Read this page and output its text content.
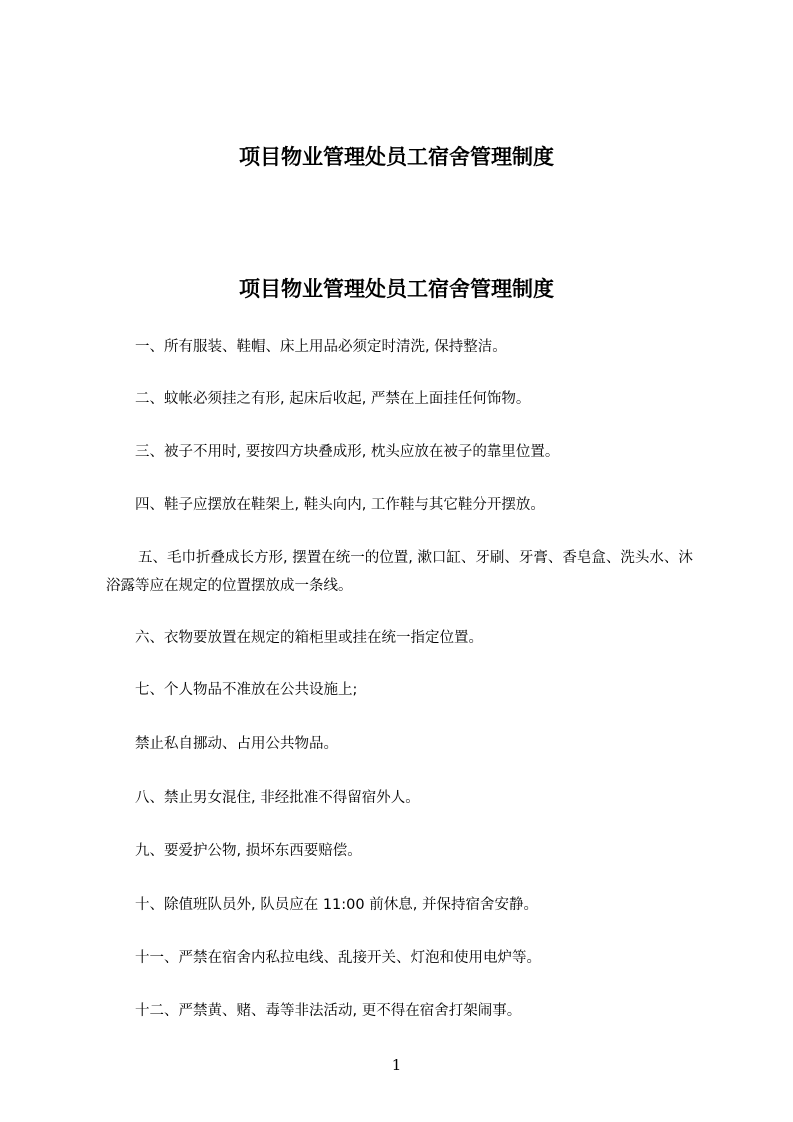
项目物业管理处员工宿舍管理制度
项目物业管理处员工宿舍管理制度

一、所有服装、鞋帽、床上用品必须定时清洗, 保持整洁。

二、蚊帐必须挂之有形, 起床后收起, 严禁在上面挂任何饰物。

三、被子不用时, 要按四方块叠成形, 枕头应放在被子的靠里位置。

四、鞋子应摆放在鞋架上, 鞋头向内, 工作鞋与其它鞋分开摆放。

五、毛巾折叠成长方形, 摆置在统一的位置, 漱口缸、牙刷、牙膏、香皂盒、洗头水、沐浴露等应在规定的位置摆放成一条线。

六、衣物要放置在规定的箱柜里或挂在统一指定位置。

七、个人物品不准放在公共设施上;

禁止私自挪动、占用公共物品。

八、禁止男女混住, 非经批准不得留宿外人。

九、要爱护公物, 损坏东西要赔偿。

十、除值班队员外, 队员应在 11:00 前休息, 并保持宿舍安静。

十一、严禁在宿舍内私拉电线、乱接开关、灯泡和使用电炉等。

十二、严禁黄、赌、毒等非法活动, 更不得在宿舍打架闹事。

1
